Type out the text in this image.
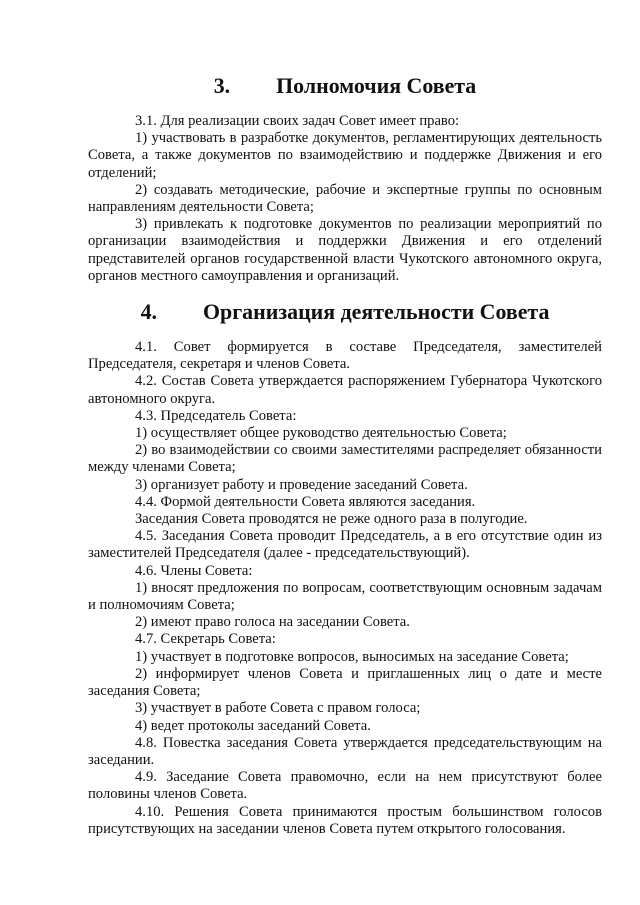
3. Полномочия Совета

3.1. Для реализации своих задач Совет имеет право:

1) участвовать в разработке документов, регламентирующих деятельность Совета, а также документов по взаимодействию и поддержке Движения и его отделений;

2) создавать методические, рабочие и экспертные группы по основным направлениям деятельности Совета;

3) привлекать к подготовке документов по реализации мероприятий по организации взаимодействия и поддержки Движения и его отделений представителей органов государственной власти Чукотского автономного округа, органов местного самоуправления и организаций.

4. Организация деятельности Совета

4.1. Совет формируется в составе Председателя, заместителей Председателя, секретаря и членов Совета.

4.2. Состав Совета утверждается распоряжением Губернатора Чукотского автономного округа.

4.3. Председатель Совета:

1) осуществляет общее руководство деятельностью Совета;

2) во взаимодействии со своими заместителями распределяет обязанности между членами Совета;

3) организует работу и проведение заседаний Совета.

4.4. Формой деятельности Совета являются заседания.

Заседания Совета проводятся не реже одного раза в полугодие.

4.5. Заседания Совета проводит Председатель, а в его отсутствие один из заместителей Председателя (далее - председательствующий).

4.6. Члены Совета:

1) вносят предложения по вопросам, соответствующим основным задачам и полномочиям Совета;

2) имеют право голоса на заседании Совета.

4.7. Секретарь Совета:

1) участвует в подготовке вопросов, выносимых на заседание Совета;

2) информирует членов Совета и приглашенных лиц о дате и месте заседания Совета;

3) участвует в работе Совета с правом голоса;

4) ведет протоколы заседаний Совета.

4.8. Повестка заседания Совета утверждается председательствующим на заседании.

4.9. Заседание Совета правомочно, если на нем присутствуют более половины членов Совета.

4.10. Решения Совета принимаются простым большинством голосов присутствующих на заседании членов Совета путем открытого голосования.
